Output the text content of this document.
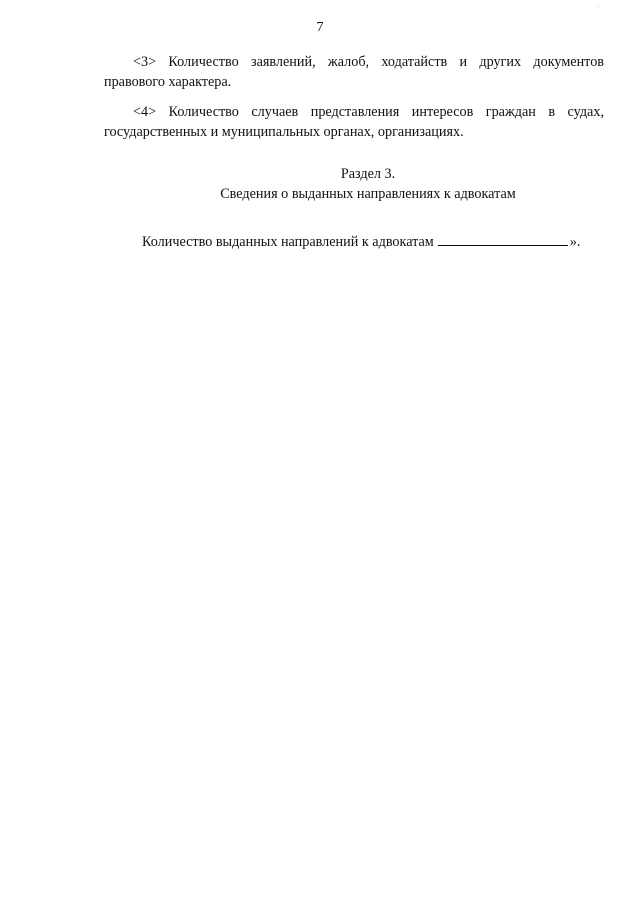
7

<3> Количество заявлений, жалоб, ходатайств и других документов правового характера.

<4> Количество случаев представления интересов граждан в судах, государственных и муниципальных органах, организациях.

Раздел 3.
Сведения о выданных направлениях к адвокатам
Количество выданных направлений к адвокатам	».
